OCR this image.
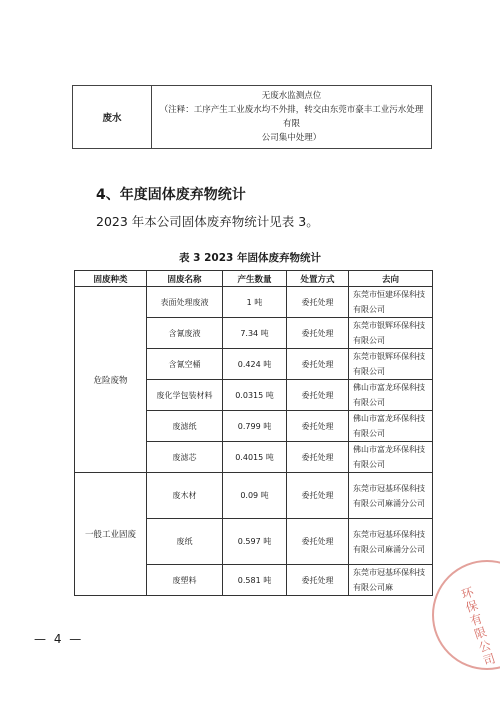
废水	
无废水监测点位
（注释：工序产生工业废水均不外排，转交由东莞市豪丰工业污水处理有限
公司集中处理）
4、年度固体废弃物统计
2023 年本公司固体废弃物统计见表 3。
表 3 2023 年固体废弃物统计
固废种类	固废名称	产生数量	处置方式	去向
危险废物	表面处理废液	1 吨	委托处理	东莞市恒建环保科技有限公司
	含氰废液	7.34 吨	委托处理	东莞市银辉环保科技有限公司
	含氰空桶	0.424 吨	委托处理	东莞市银辉环保科技有限公司
	废化学包装材料	0.0315 吨	委托处理	佛山市富龙环保科技有限公司
	废滤纸	0.799 吨	委托处理	佛山市富龙环保科技有限公司
	废滤芯	0.4015 吨	委托处理	佛山市富龙环保科技有限公司
一般工业固废	废木材	0.09 吨	委托处理	东莞市冠基环保科技有限公司麻涌分公司
	废纸	0.597 吨	委托处理	东莞市冠基环保科技有限公司麻涌分公司
	废塑料	0.581 吨	委托处理	东莞市冠基环保科技有限公司麻
— 4 —	环保有限公司
